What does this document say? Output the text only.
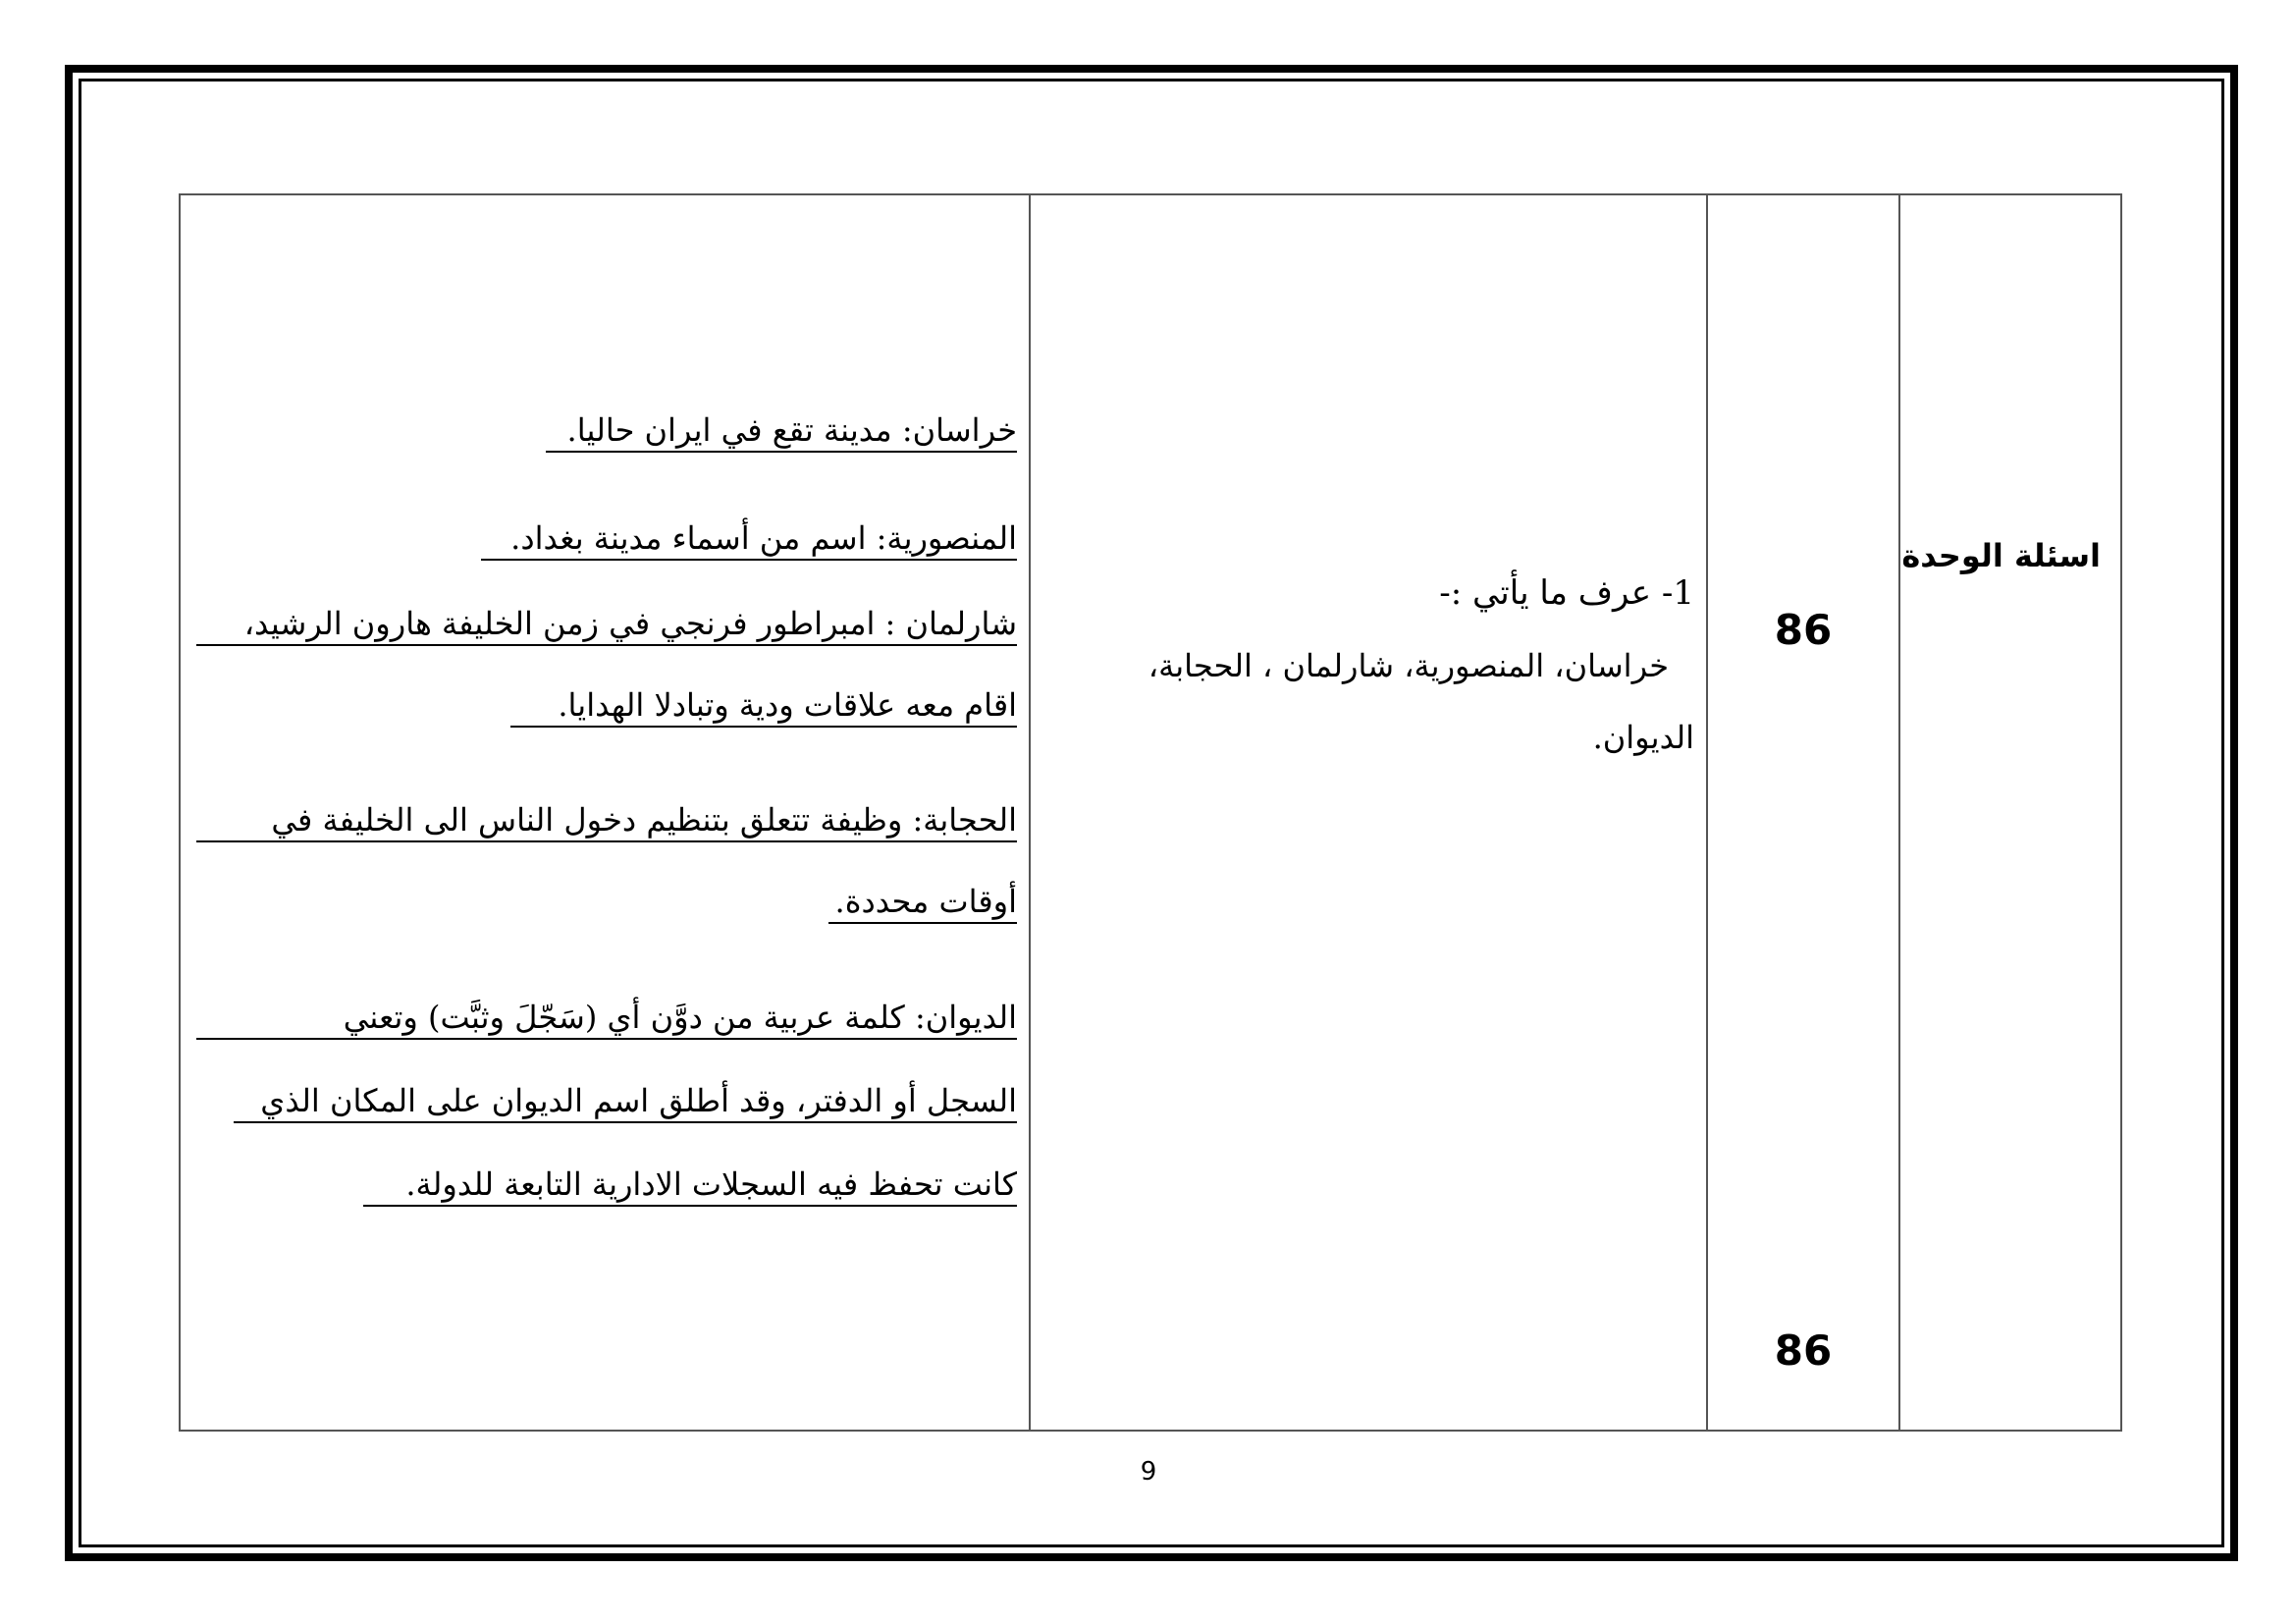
خراسان: مدينة تقع في ايران حاليا.
المنصورية: اسم من أسماء مدينة بغداد.
شارلمان : امبراطور فرنجي في زمن الخليفة هارون الرشيد،
اقام معه علاقات ودية وتبادلا الهدايا.
الحجابة: وظيفة تتعلق بتنظيم دخول الناس الى الخليفة في
أوقات محددة.
الديوان: كلمة عربية من دوَّن أي (سَجّلَ وثبَّت) وتعني
السجل أو الدفتر، وقد أطلق اسم الديوان على المكان الذي
كانت تحفظ فيه السجلات الادارية التابعة للدولة.
1- عرف ما يأتي :-
خراسان، المنصورية، شارلمان ، الحجابة،
الديوان.
86
86
اسئلة الوحدة
9
